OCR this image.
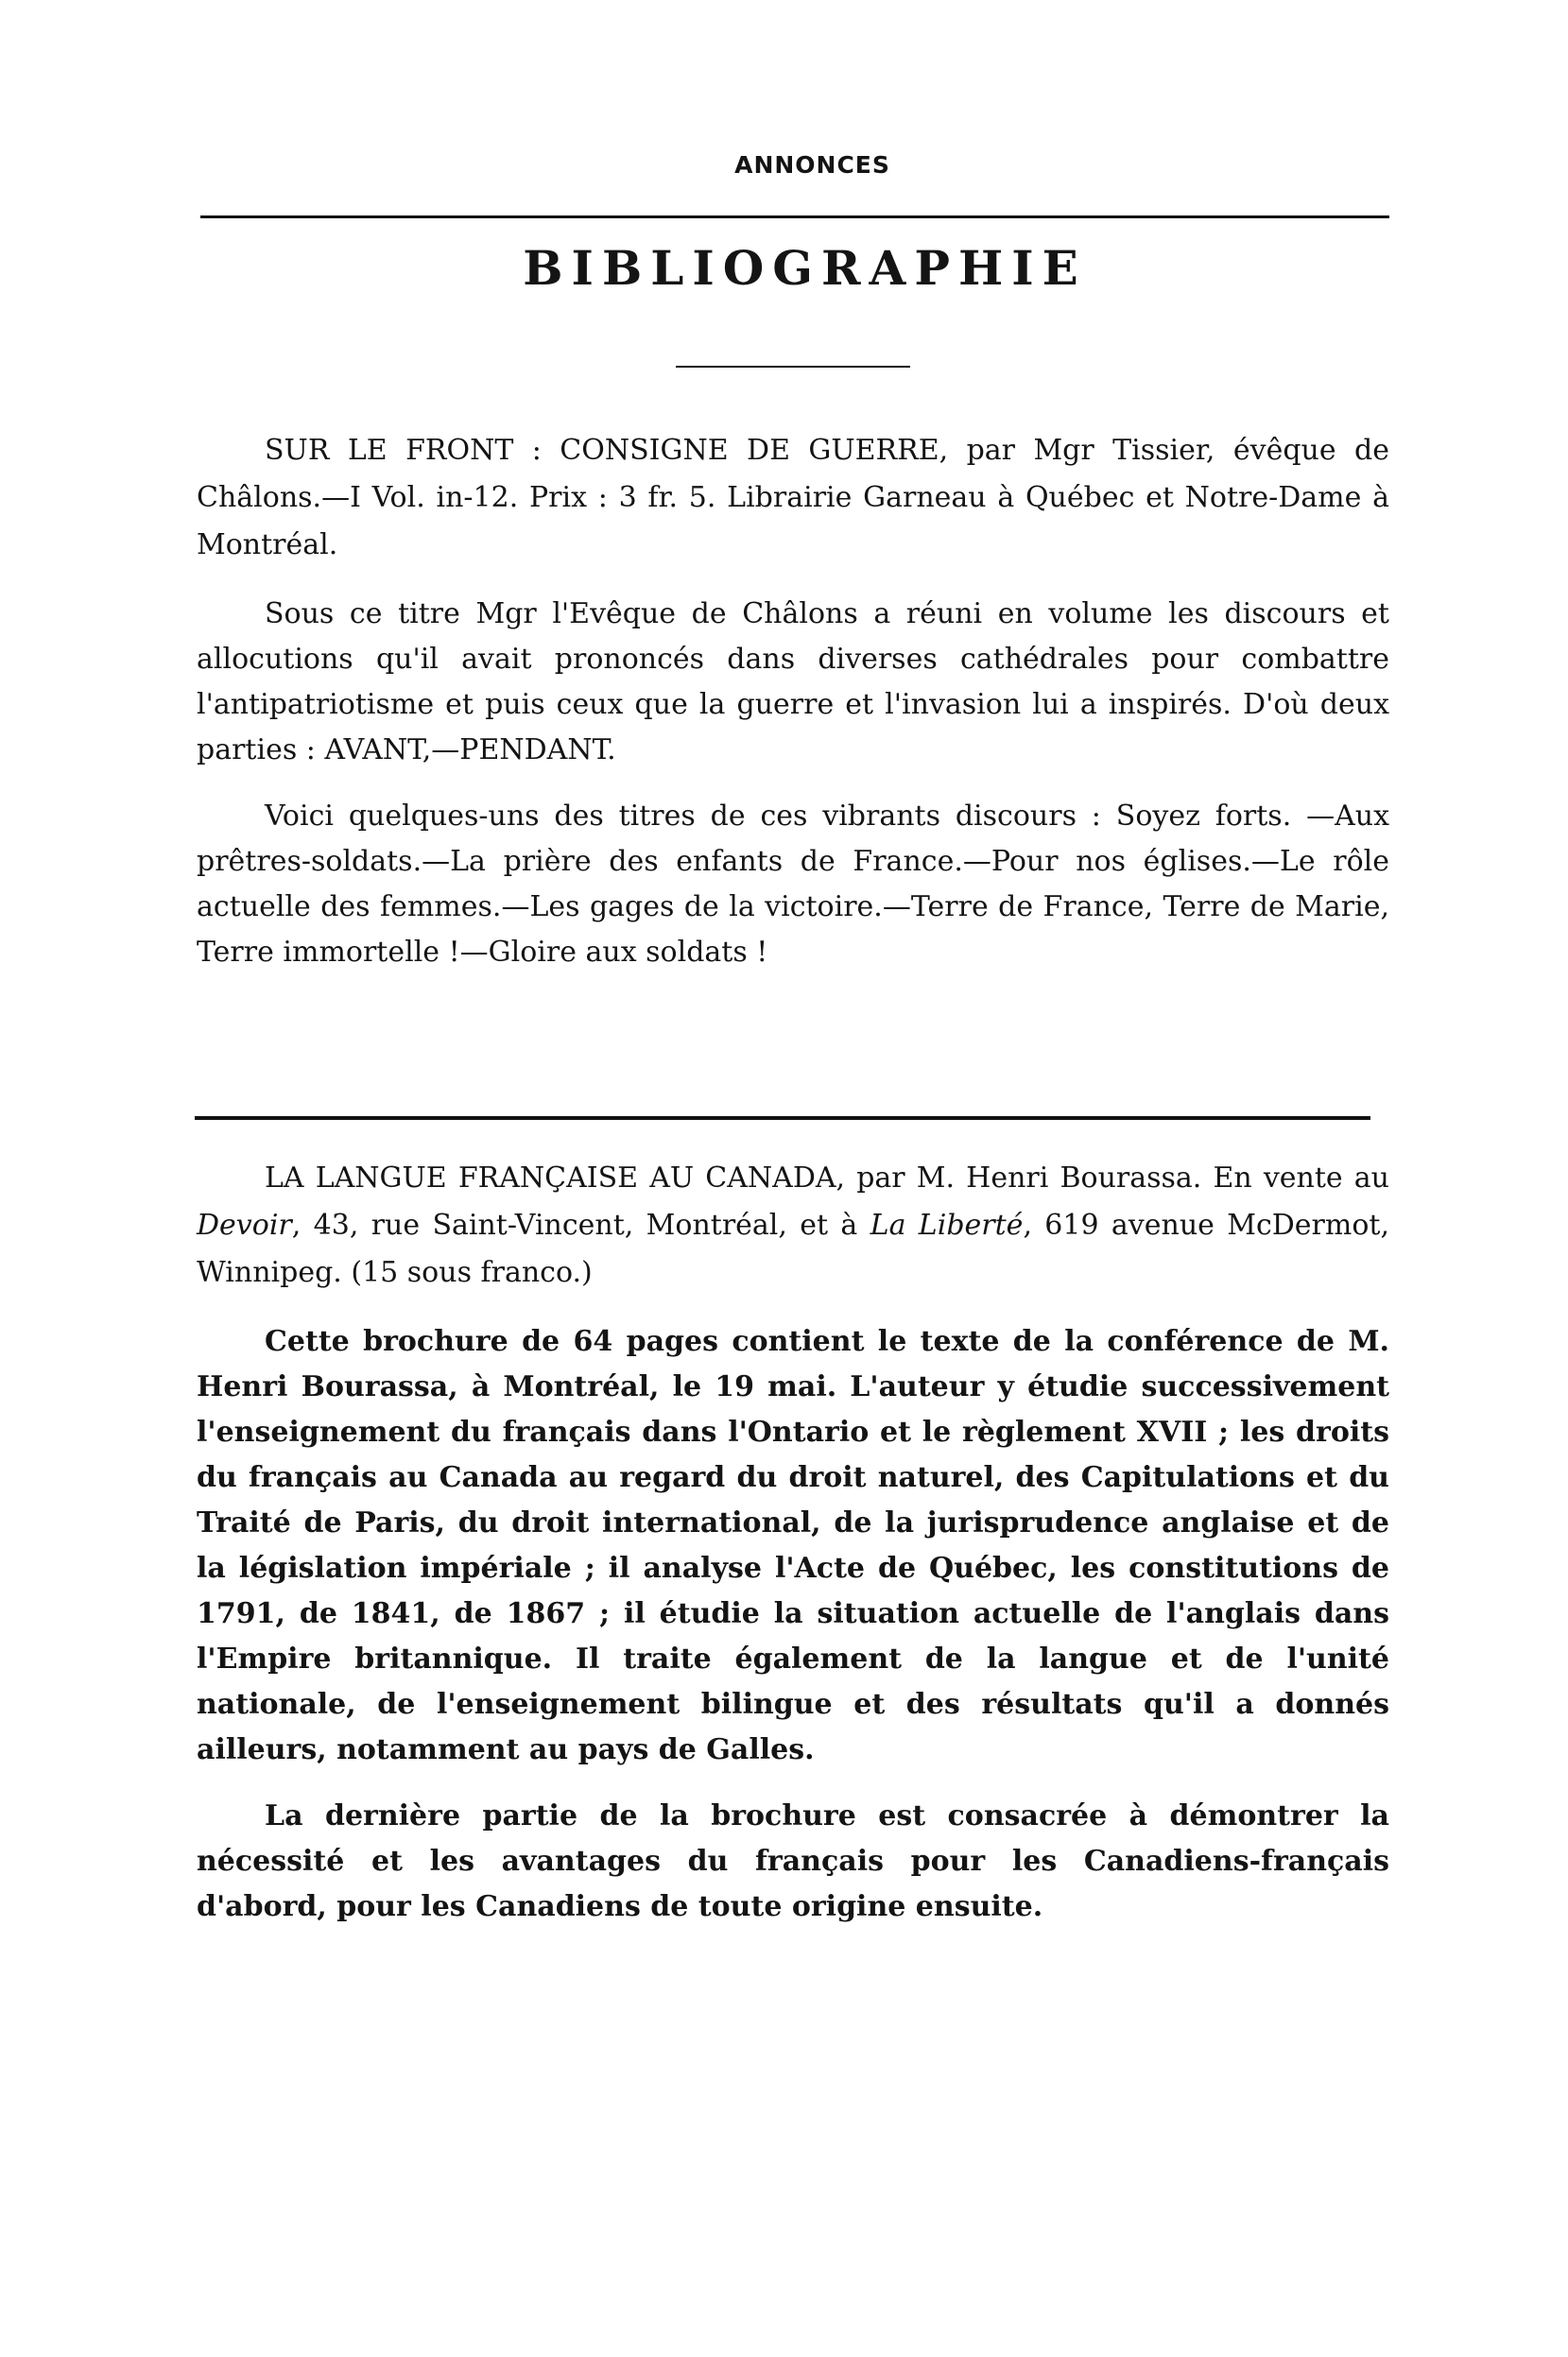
ANNONCES
BIBLIOGRAPHIE

SUR LE FRONT : CONSIGNE DE GUERRE, par Mgr Tissier, évêque de Châlons.—I Vol. in-12. Prix : 3 fr. 5. Librairie Garneau à Québec et Notre-Dame à Montréal.

Sous ce titre Mgr l'Evêque de Châlons a réuni en volume les discours et allocutions qu'il avait prononcés dans diverses cathédrales pour combattre l'antipatriotisme et puis ceux que la guerre et l'invasion lui a inspirés. D'où deux parties : AVANT,—PENDANT.

Voici quelques-uns des titres de ces vibrants discours : Soyez forts. —Aux prêtres-soldats.—La prière des enfants de France.—Pour nos églises.—Le rôle actuelle des femmes.—Les gages de la victoire.—Terre de France, Terre de Marie, Terre immortelle !—Gloire aux soldats !

LA LANGUE FRANÇAISE AU CANADA, par M. Henri Bourassa. En vente au Devoir, 43, rue Saint-Vincent, Montréal, et à La Liberté, 619 avenue McDermot, Winnipeg. (15 sous franco.)

Cette brochure de 64 pages contient le texte de la conférence de M. Henri Bourassa, à Montréal, le 19 mai. L'auteur y étudie successivement l'enseignement du français dans l'Ontario et le règlement XVII ; les droits du français au Canada au regard du droit naturel, des Capitulations et du Traité de Paris, du droit international, de la jurisprudence anglaise et de la législation impériale ; il analyse l'Acte de Québec, les constitutions de 1791, de 1841, de 1867 ; il étudie la situation actuelle de l'anglais dans l'Empire britannique. Il traite également de la langue et de l'unité nationale, de l'enseignement bilingue et des résultats qu'il a donnés ailleurs, notamment au pays de Galles.

La dernière partie de la brochure est consacrée à démontrer la nécessité et les avantages du français pour les Canadiens-français d'abord, pour les Canadiens de toute origine ensuite.
